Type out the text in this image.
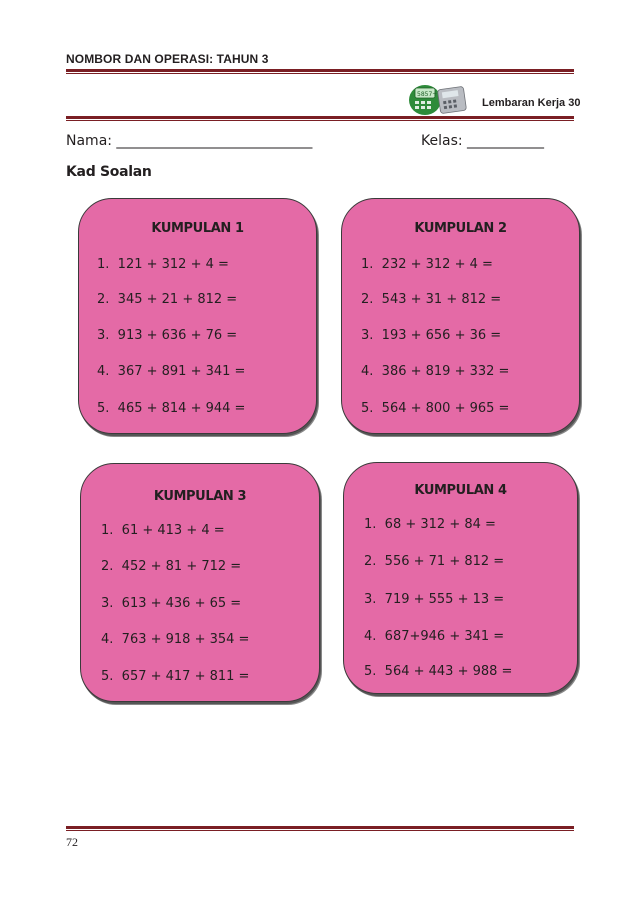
NOMBOR DAN OPERASI: TAHUN 3
5857+
Lembaran Kerja 30
Nama: ____________________________	Kelas: ___________
Kad Soalan
KUMPULAN 1
1.  121 + 312 + 4 =
2.  345 + 21 + 812 =
3.  913 + 636 + 76 =
4.  367 + 891 + 341 =
5.  465 + 814 + 944 =
KUMPULAN 2
1.  232 + 312 + 4 =
2.  543 + 31 + 812 =
3.  193 + 656 + 36 =
4.  386 + 819 + 332 =
5.  564 + 800 + 965 =
KUMPULAN 3
1.  61 + 413 + 4 =
2.  452 + 81 + 712 =
3.  613 + 436 + 65 =
4.  763 + 918 + 354 =
5.  657 + 417 + 811 =
KUMPULAN 4
1.  68 + 312 + 84 =
2.  556 + 71 + 812 =
3.  719 + 555 + 13 =
4.  687+946 + 341 =
5.  564 + 443 + 988 =
72
